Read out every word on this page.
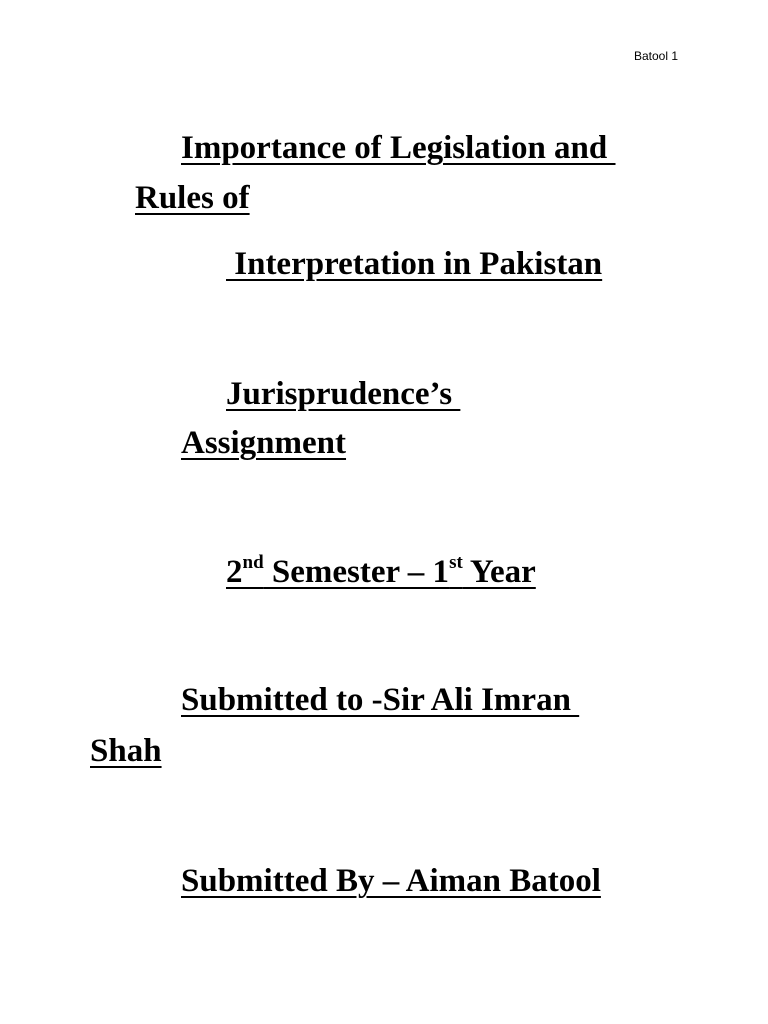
Batool 1
Importance of Legislation and
Rules of
Interpretation in Pakistan
Jurisprudence’s
Assignment
2nd Semester – 1st Year
Submitted to -Sir Ali Imran
Shah
Submitted By – Aiman Batool
